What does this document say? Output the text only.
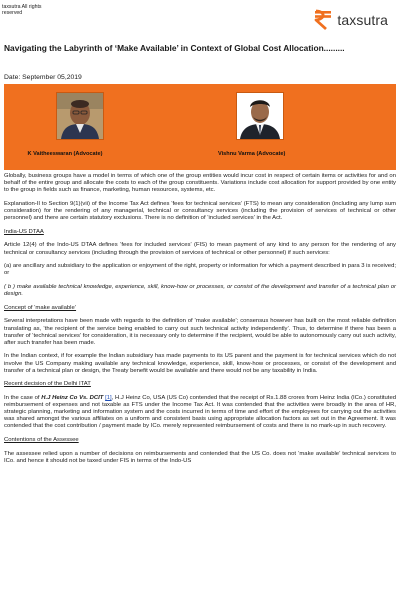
taxsutra All rights reserved	taxsutra
Navigating the Labyrinth of ‘Make Available’ in Context of Global Cost Allocation.........
Date: September 05,2019
K Vaitheeswaran (Advocate)	Vishnu Varma (Advocate)

Globally, business groups have a model in terms of which one of the group entities would incur cost in respect of certain items or activities for and on behalf of the entire group and allocate the costs to each of the group constituents. Variations include cost allocation for support provided by one entity to the group in fields such as finance, marketing, human resources, systems, etc.

Explanation-II to Section 9(1)(vii) of the Income Tax Act defines ‘fees for technical services’ (FTS) to mean any consideration (including any lump sum consideration) for the rendering of any managerial, technical or consultancy services (including the provision of services of technical or other personnel) and there are certain statutory exclusions. There is no definition of ‘included services’ in the Act.

India-US DTAA

Article 12(4) of the Indo-US DTAA defines ‘fees for included services’ (FIS) to mean payment of any kind to any person for the rendering of any technical or consultancy services (including through the provision of services of technical or other personnel) if such services:

(a) are ancillary and subsidiary to the application or enjoyment of the right, property or information for which a payment described in para 3 is received; or

( b ) make available technical knowledge, experience, skill, know-how or processes, or consist of the development and transfer of a technical plan or design.

Concept of ‘make available’

Several interpretations have been made with regards to the definition of ‘make available’; consensus however has built on the most reliable definition translating as, ‘the recipient of the service being enabled to carry out such technical activity independently’. Thus, to determine if there has been a transfer of ‘technical services’ for consideration, it is necessary only to determine if the recipient, would be able to autonomously carry out such activity, after such transfer has been made.

In the Indian context, if for example the Indian subsidiary has made payments to its US parent and the payment is for technical services which do not involve the US Company making available any technical knowledge, experience, skill, know-how or processes, or consist of the development and transfer of a technical plan or design, the Treaty benefit would be available and there would not be any taxability in India.

Recent decision of the Delhi ITAT

In the case of H.J Heinz Co Vs. DCIT [1], H.J Heinz Co, USA (US Co) contended that the receipt of Rs.1.88 crores from Heinz India (ICo.) constituted reimbursement of expenses and not taxable as FTS under the Income Tax Act. It was contended that the activities were broadly in the area of HR, strategic planning, marketing and information system and the costs incurred in terms of time and effort of the employees for carrying out the activities was shared amongst the various affiliates on a uniform and consistent basis using appropriate allocation factors as set out in the Agreement. It was contended that the cost contribution / payment made by ICo. merely represented reimbursement of costs and there is no mark-up in such recovery.

Contentions of the Assessee

The assessee relied upon a number of decisions on reimbursements and contended that the US Co. does not ‘make available’ technical services to ICo. and hence it should not be taxed under FIS in terms of the Indo-US
